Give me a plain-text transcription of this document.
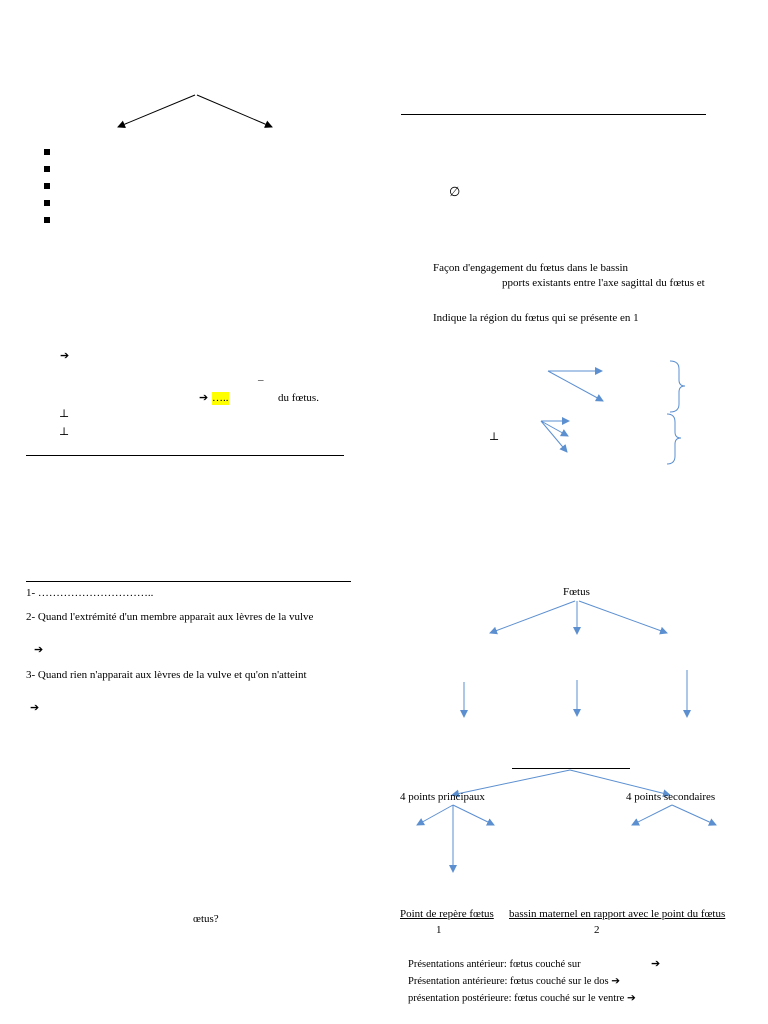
➔
_
➔ …..	du fœtus.
⊥
⊥
1- …………………………..
2- Quand l'extrémité d'un membre apparait aux lèvres de la vulve
➔
3- Quand rien n'apparait aux lèvres de la vulve et qu'on n'atteint
➔
œtus?
∅
Façon d'engagement du fœtus dans le bassin
pports existants entre l'axe sagittal du fœtus et
Indique la région du fœtus qui se présente en 1
⊥
Fœtus
4 points principaux	4 points secondaires
Point de repère fœtus bassin maternel en rapport avec le point du fœtus
1	2
Présentations antérieur: fœtus couché sur	➔
Présentation antérieure: fœtus couché sur le dos ➔
présentation postérieure: fœtus couché sur le ventre ➔
